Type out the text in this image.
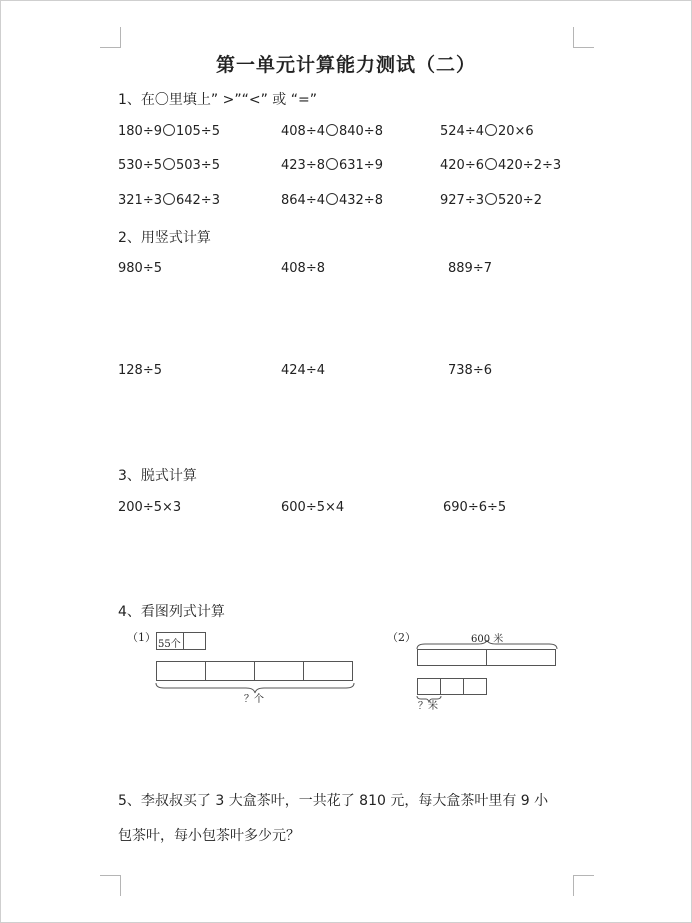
第一单元计算能力测试（二）
1、在〇里填上” >”“<” 或 “=”
180÷9 105÷5	408÷4 840÷8	524÷4 20×6
530÷5 503÷5	423÷8 631÷9	420÷6 420÷2÷3
321÷3 642÷3	864÷4 432÷8	927÷3 520÷2
2、用竖式计算
980÷5	408÷8	889÷7
128÷5	424÷4	738÷6
3、脱式计算
200÷5×3	600÷5×4	690÷6÷5
4、看图列式计算
（1）
55个
？个
（2）	600 米
？米
5、李叔叔买了 3 大盒茶叶，一共花了 810 元，每大盒茶叶里有 9 小
包茶叶，每小包茶叶多少元？
